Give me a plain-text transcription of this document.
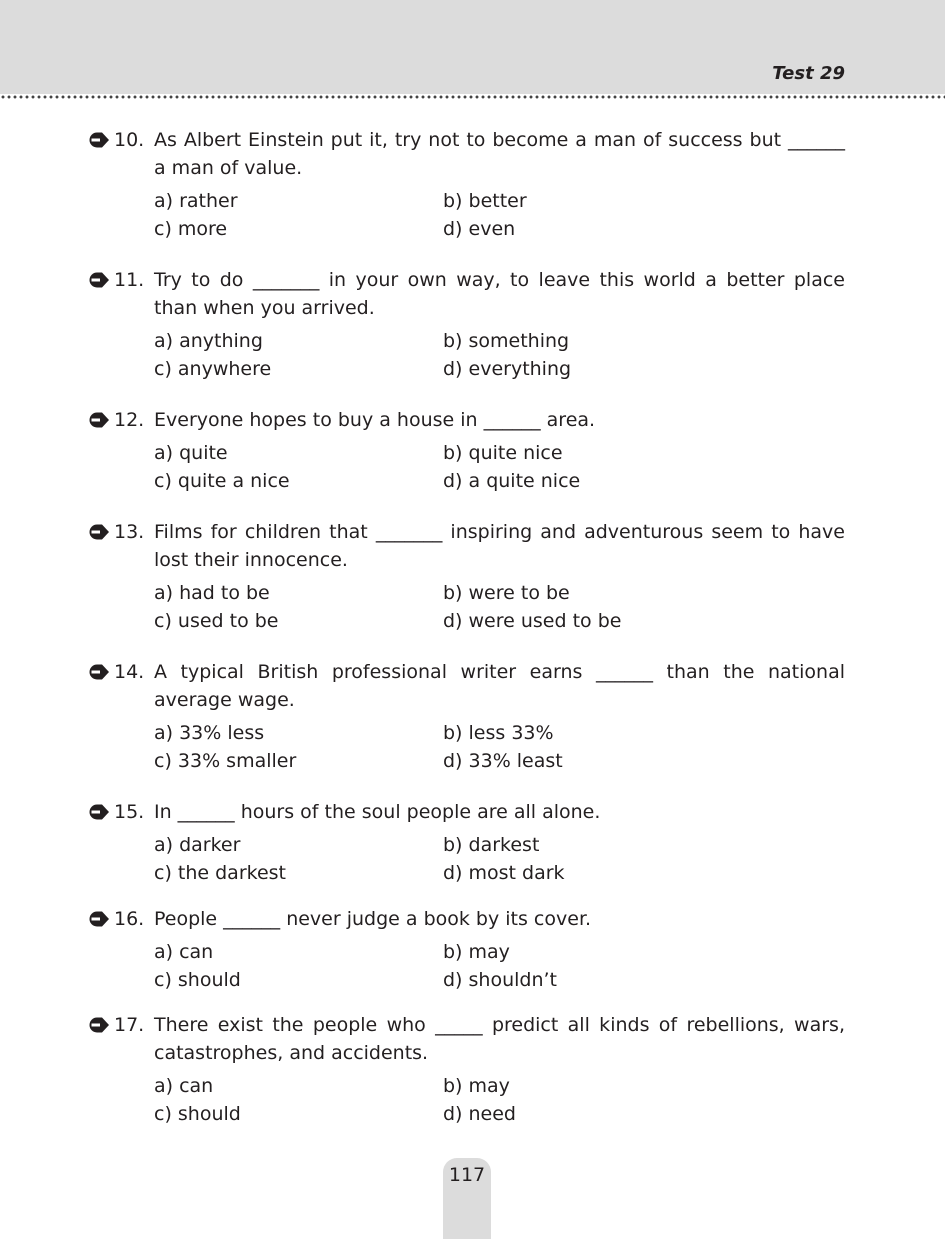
Test 29
10. As Albert Einstein put it, try not to become a man of success but ______ a man of value.
a) rather	b) better
c) more	d) even
11. Try to do _______ in your own way, to leave this world a better place than when you arrived.
a) anything	b) something
c) anywhere	d) everything
12. Everyone hopes to buy a house in ______ area.
a) quite	b) quite nice
c) quite a nice	d) a quite nice
13. Films for children that _______ inspiring and adventurous seem to have lost their innocence.
a) had to be	b) were to be
c) used to be	d) were used to be
14. A typical British professional writer earns ______ than the national average wage.
a) 33% less	b) less 33%
c) 33% smaller	d) 33% least
15. In ______ hours of the soul people are all alone.
a) darker	b) darkest
c) the darkest	d) most dark
16. People ______ never judge a book by its cover.
a) can	b) may
c) should	d) shouldn’t
17. There exist the people who _____ predict all kinds of rebellions, wars, catastrophes, and accidents.
a) can	b) may
c) should	d) need
117
